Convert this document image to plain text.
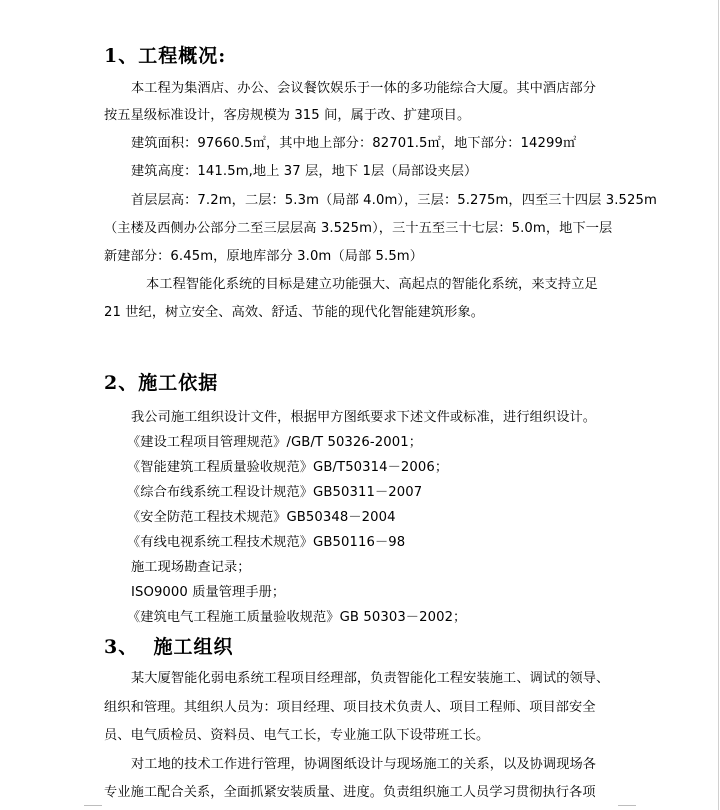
1、工程概况:
本工程为集酒店、办公、会议餐饮娱乐于一体的多功能综合大厦。其中酒店部分
按五星级标准设计，客房规模为 315 间，属于改、扩建项目。
建筑面积：97660.5㎡，其中地上部分：82701.5㎡，地下部分：14299㎡
建筑高度：141.5m,地上 37 层，地下 1层（局部设夹层）
首层层高：7.2m，二层：5.3m（局部 4.0m），三层：5.275m，四至三十四层 3.525m
（主楼及西侧办公部分二至三层层高 3.525m），三十五至三十七层：5.0m，地下一层
新建部分：6.45m，原地库部分 3.0m（局部 5.5m）
本工程智能化系统的目标是建立功能强大、高起点的智能化系统，来支持立足
21 世纪，树立安全、高效、舒适、节能的现代化智能建筑形象。
2、施工依据
我公司施工组织设计文件，根据甲方图纸要求下述文件或标准，进行组织设计。
《建设工程项目管理规范》/GB/T 50326-2001；
《智能建筑工程质量验收规范》GB/T50314－2006；
《综合布线系统工程设计规范》GB50311－2007
《安全防范工程技术规范》GB50348－2004
《有线电视系统工程技术规范》GB50116－98
施工现场勘查记录；
ISO9000 质量管理手册；
《建筑电气工程施工质量验收规范》GB 50303－2002；
3、  施工组织
某大厦智能化弱电系统工程项目经理部，负责智能化工程安装施工、调试的领导、
组织和管理。其组织人员为：项目经理、项目技术负责人、项目工程师、项目部安全
员、电气质检员、资料员、电气工长，专业施工队下设带班工长。
对工地的技术工作进行管理，协调图纸设计与现场施工的关系，以及协调现场各
专业施工配合关系，全面抓紧安装质量、进度。负责组织施工人员学习贯彻执行各项
